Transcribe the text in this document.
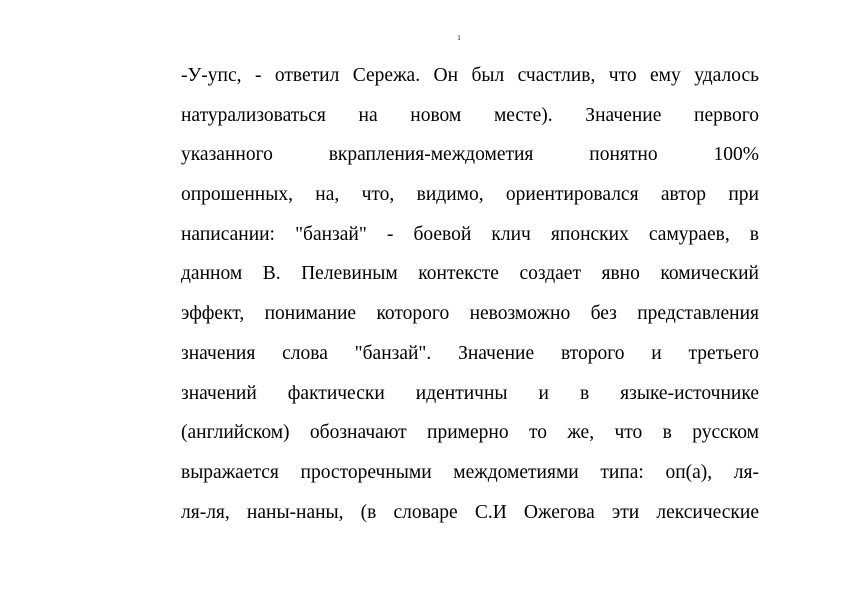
1
-У-упс, - ответил Сережа. Он был счастлив, что ему удалось
натурализоваться на новом месте). Значение первого
указанного вкрапления-междометия понятно 100%
опрошенных, на, что, видимо, ориентировался автор при
написании: "банзай" - боевой клич японских самураев, в
данном В. Пелевиным контексте создает явно комический
эффект, понимание которого невозможно без представления
значения слова "банзай". Значение второго и третьего
значений фактически идентичны и в языке-источнике
(английском) обозначают примерно то же, что в русском
выражается просторечными междометиями типа: оп(а), ля-
ля-ля, наны-наны, (в словаре С.И Ожегова эти лексические
